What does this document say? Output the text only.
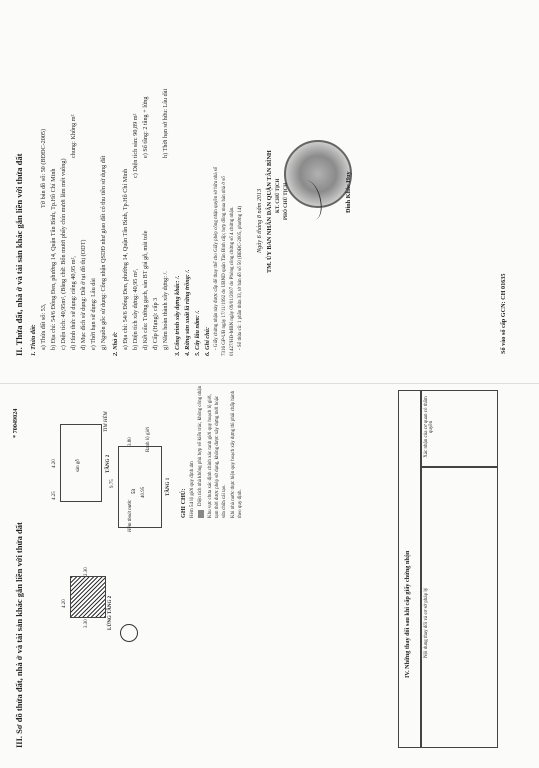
II. Thửa đất, nhà ở và tài sản khác gắn liền với thửa đất 1. Thửa đất: a) Thửa đất số: 53,
Tờ bản đồ số: 50 (BĐĐC-2005)
b) Địa chỉ: 54/6 Đông Đen, phường 14, Quận Tân Bình, Tp.Hồ Chí Minh c) Diện tích: 40,95m², (Bằng chữ: Bốn mươi phẩy chín mươi lăm mét vuông) d) Hình thức sử dụng: riêng 40,95 m²,
chung: Không m²
đ) Mục đích sử dụng: Đất ở tại đô thị (ODT) e) Thời hạn sử dụng: Lâu dài g) Nguồn gốc sử dụng: Công nhận QSDĐ như giao đất có thu tiền sử dụng đất 2. Nhà ở: a) Địa chỉ: 54/6 Đông Đen, phường 14, Quận Tân Bình, Tp.Hồ Chí Minh b) Diện tích xây dựng: 40,95 m²,
c) Diện tích sàn: 90,89 m²
d) Kết cấu: Tường gạch, sàn BT giả gỗ, mái tole
e) Số tầng: 2 tầng + lửng
đ) Cấp (Hạng): cấp 3 g) Năm hoàn thành xây dựng: /.
h) Thời hạn sở hữu: Lâu dài
3. Công trình xây dựng khác: /. 4. Rừng sản xuất là rừng trồng: /. 5. Cây lâu năm: /. 6. Ghi chú: - Giấy chứng nhận này được cấp để thay thế cho Giấy phép công nhận quyền sở hữu nhà số 7316 GP-UB ngày 17/11/1992 do UBND quận Tân Bình cấp; hợp đồng mua bán nhà ở số 01427/HĐ-MBN ngày 09/01/2007 do Phòng công chứng số 4 chứng nhận. - Số thửa cũ: 1 phần thửa 33, tờ bản đồ số 50 (BĐĐC-2005, phường 14) Ngày 6 tháng 8 năm 2013 TM. ỦY BAN NHÂN DÂN QUẬN TÂN BÌNH KT. CHỦ TỊCH PHÓ CHỦ TỊCH	Đinh Khắc Huy
Số vào sổ cấp GCN: CH 01635
* 70049024
III. Sơ đồ thửa đất, nhà ở và tài sản khác gắn liền với thửa đất
sàn gỗ	TẦNG 2
4.20
4.25	53 40.95	TẦNG 1
9.75
3.80
TIM HẺM
Hẻm thoát nước
Ranh lộ giới
LỬNG TẦNG 2
4.20
2.30
3.30
GHI CHÚ: Hẻm 54 lộ giới quy định 4m Diện tích nhà không phù hợp về kiến trúc, không công nhận Khu vực chưa xác định chính xác ranh giới quy hoạch lộ giới, tạm thời được phép sử dụng, không được xây dựng mới hoặc sửa chữa cải tạo. Khi nhà nước thực hiện quy hoạch xây dựng thì phải chấp hành theo quy định.
IV. Những thay đổi sau khi cấp giấy chứng nhận	Nội dung thay đổi và cơ sở pháp lý
Xác nhận của cơ quan có thẩm quyền
